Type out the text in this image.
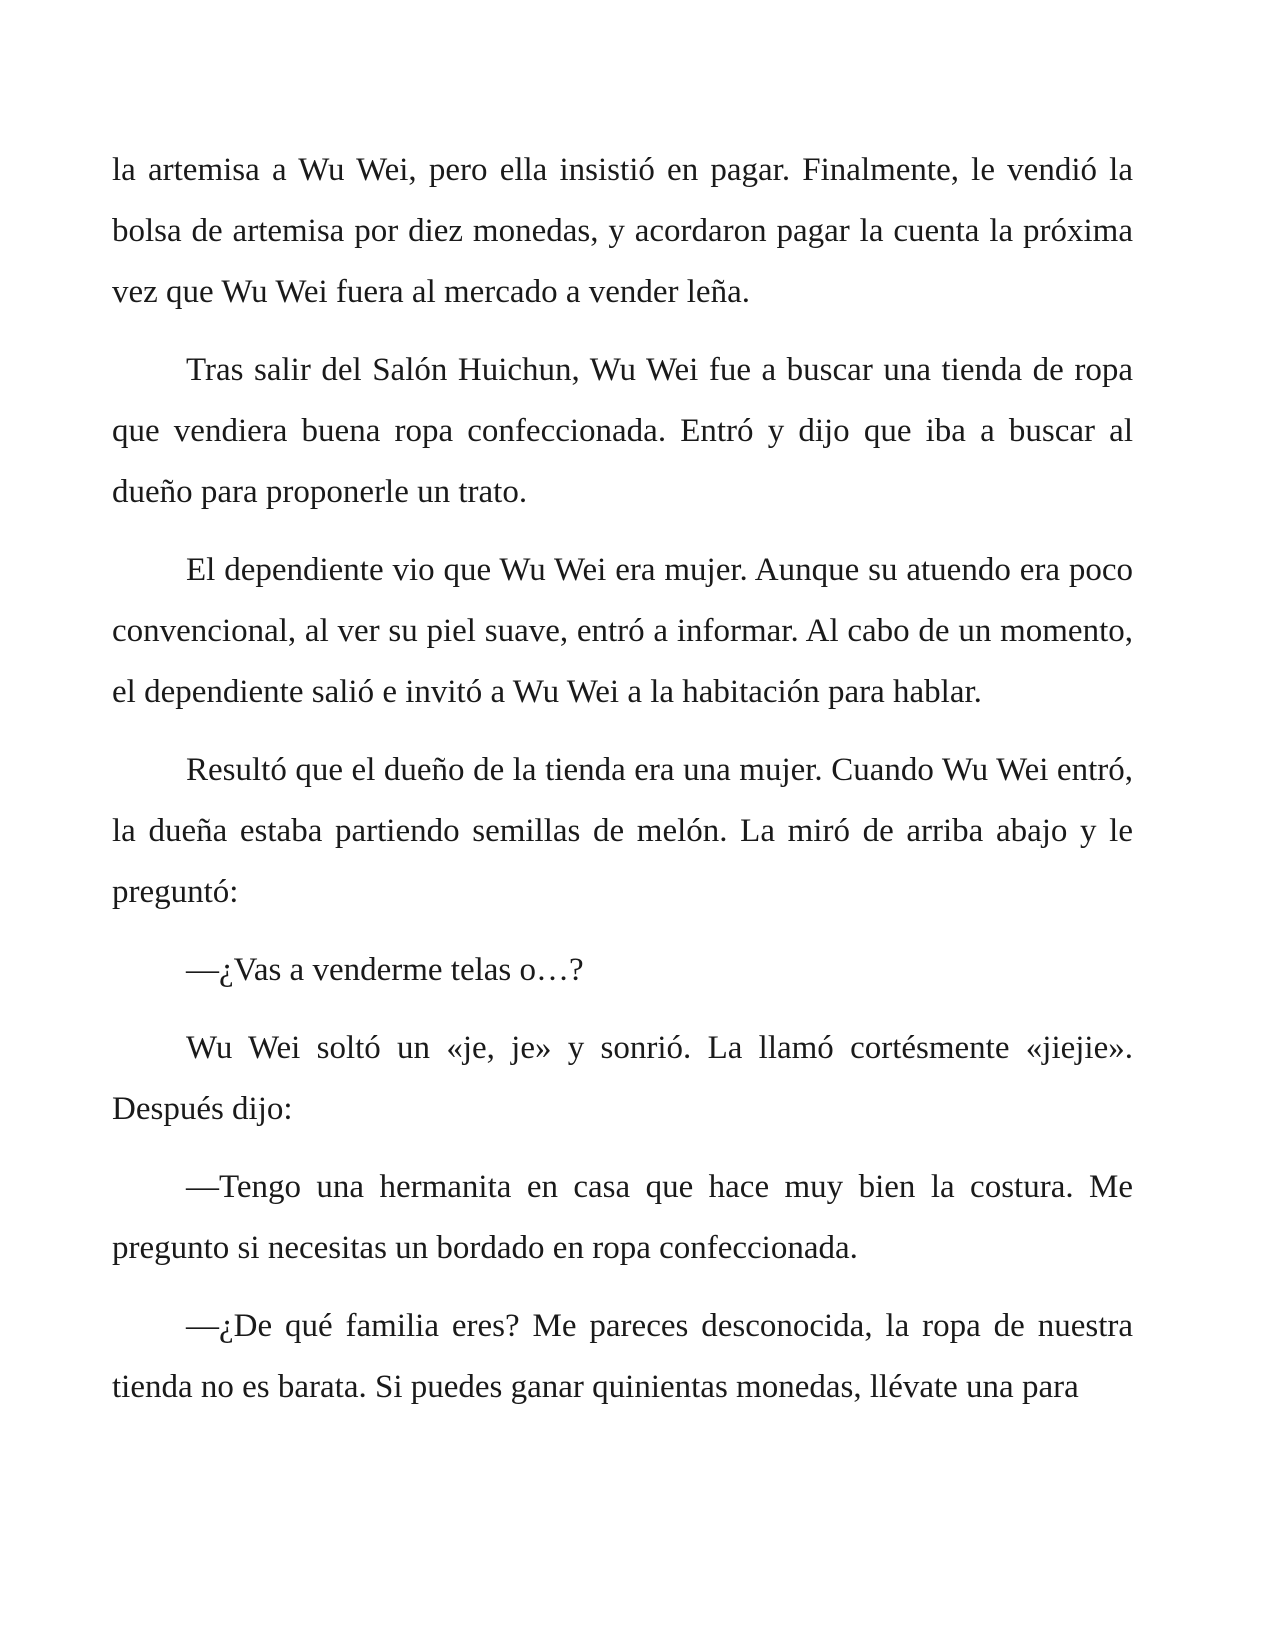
la artemisa a Wu Wei, pero ella insistió en pagar. Finalmente, le vendió la bolsa de artemisa por diez monedas, y acordaron pagar la cuenta la próxima vez que Wu Wei fuera al mercado a vender leña.

Tras salir del Salón Huichun, Wu Wei fue a buscar una tienda de ropa que vendiera buena ropa confeccionada. Entró y dijo que iba a buscar al dueño para proponerle un trato.

El dependiente vio que Wu Wei era mujer. Aunque su atuendo era poco convencional, al ver su piel suave, entró a informar. Al cabo de un momento, el dependiente salió e invitó a Wu Wei a la habitación para hablar.

Resultó que el dueño de la tienda era una mujer. Cuando Wu Wei entró, la dueña estaba partiendo semillas de melón. La miró de arriba abajo y le preguntó:

—¿Vas a venderme telas o…?

Wu Wei soltó un «je, je» y sonrió. La llamó cortésmente «jiejie». Después dijo:

—Tengo una hermanita en casa que hace muy bien la costura. Me pregunto si necesitas un bordado en ropa confeccionada.

—¿De qué familia eres? Me pareces desconocida, la ropa de nuestra tienda no es barata. Si puedes ganar quinientas monedas, llévate una para
